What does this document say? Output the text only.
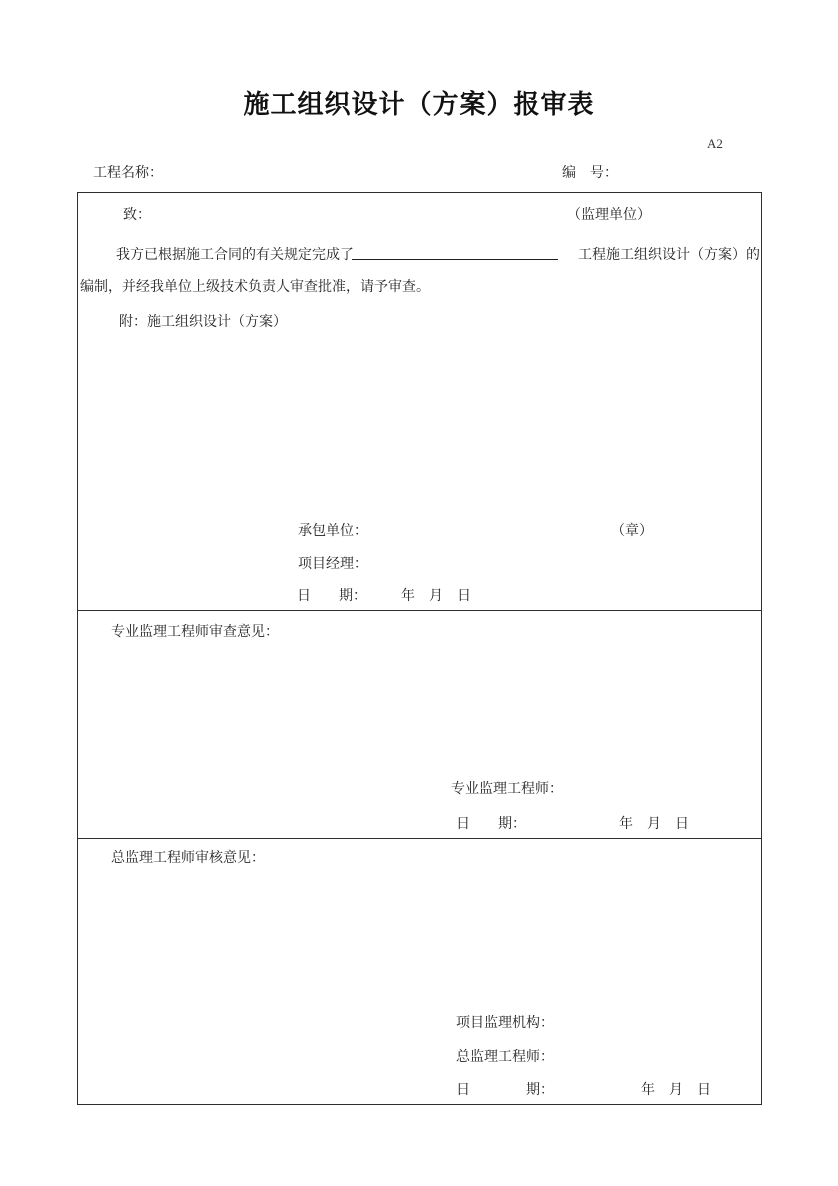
施工组织设计（方案）报审表
A2
工程名称：	编　号：
致：	（监理单位）
我方已根据施工合同的有关规定完成了	工程施工组织设计（方案）的
编制，并经我单位上级技术负责人审查批准，请予审查。
附：施工组织设计（方案）
承包单位：	（章）
项目经理：
日　　期： 年　月　日
专业监理工程师审查意见：
专业监理工程师：
日　　期：	年　月　日
总监理工程师审核意见：
项目监理机构：
总监理工程师：
日　　　　期：	年　月　日
